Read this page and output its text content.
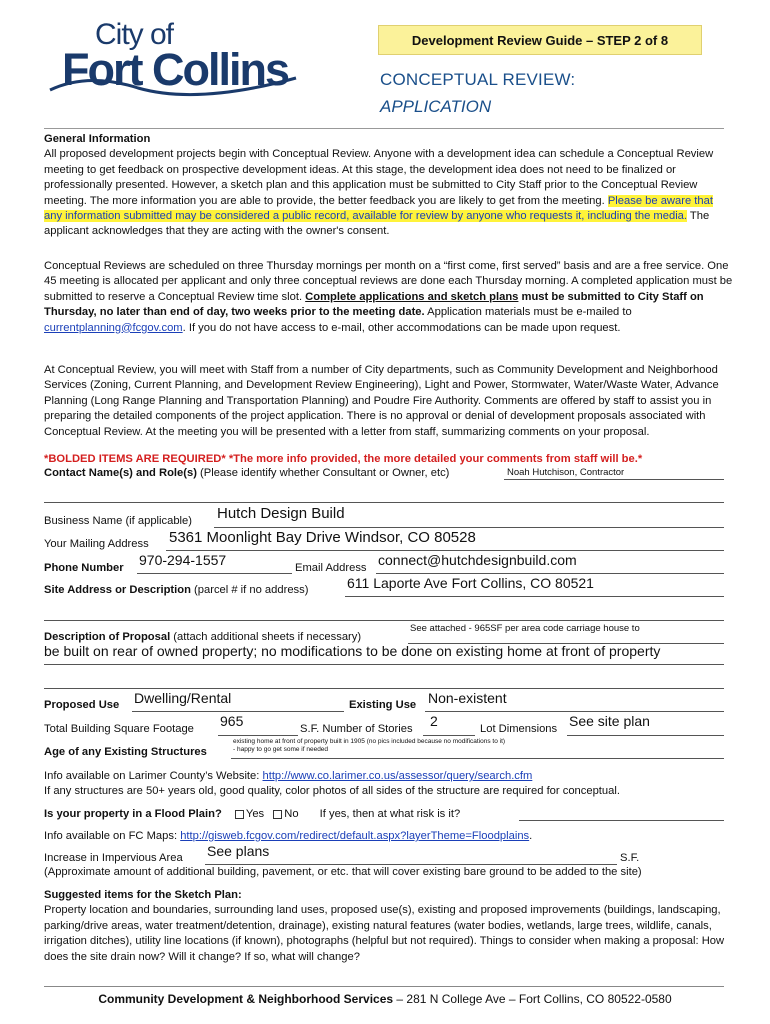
City of
Fort Collins
Development Review Guide – STEP 2 of 8
CONCEPTUAL REVIEW:
APPLICATION
General Information
All proposed development projects begin with Conceptual Review. Anyone with a development idea can schedule a Conceptual Review meeting to get feedback on prospective development ideas. At this stage, the development idea does not need to be finalized or professionally presented. However, a sketch plan and this application must be submitted to City Staff prior to the Conceptual Review meeting. The more information you are able to provide, the better feedback you are likely to get from the meeting. Please be aware that any information submitted may be considered a public record, available for review by anyone who requests it, including the media. The applicant acknowledges that they are acting with the owner's consent.
Conceptual Reviews are scheduled on three Thursday mornings per month on a “first come, first served” basis and are a free service. One 45 meeting is allocated per applicant and only three conceptual reviews are done each Thursday morning. A completed application must be submitted to reserve a Conceptual Review time slot. Complete applications and sketch plans must be submitted to City Staff on Thursday, no later than end of day, two weeks prior to the meeting date. Application materials must be e-mailed to currentplanning@fcgov.com. If you do not have access to e-mail, other accommodations can be made upon request.
At Conceptual Review, you will meet with Staff from a number of City departments, such as Community Development and Neighborhood Services (Zoning, Current Planning, and Development Review Engineering), Light and Power, Stormwater, Water/Waste Water, Advance Planning (Long Range Planning and Transportation Planning) and Poudre Fire Authority. Comments are offered by staff to assist you in preparing the detailed components of the project application. There is no approval or denial of development proposals associated with Conceptual Review. At the meeting you will be presented with a letter from staff, summarizing comments on your proposal.
*BOLDED ITEMS ARE REQUIRED* *The more info provided, the more detailed your comments from staff will be.*
Contact Name(s) and Role(s) (Please identify whether Consultant or Owner, etc)	Noah Hutchison, Contractor
Business Name (if applicable) Hutch Design Build
Your Mailing Address 5361 Moonlight Bay Drive Windsor, CO 80528
Phone Number 970-294-1557	Email Address connect@hutchdesignbuild.com
Site Address or Description (parcel # if no address)	611 Laporte Ave Fort Collins, CO 80521
Description of Proposal (attach additional sheets if necessary)
See attached - 965SF per area code carriage house to
be built on rear of owned property; no modifications to be done on existing home at front of property
Proposed Use Dwelling/Rental	Existing Use Non-existent
Total Building Square Footage 965	S.F. Number of Stories 2	Lot Dimensions See site plan
Age of any Existing Structures
existing home at front of property built in 1905 (no pics included because no modifications to it)
- happy to go get some if needed
Info available on Larimer County’s Website: http://www.co.larimer.co.us/assessor/query/search.cfm
If any structures are 50+ years old, good quality, color photos of all sides of the structure are required for conceptual.
Is your property in a Flood Plain? Yes No If yes, then at what risk is it?
Info available on FC Maps: http://gisweb.fcgov.com/redirect/default.aspx?layerTheme=Floodplains.
Increase in Impervious Area See plans	S.F.
(Approximate amount of additional building, pavement, or etc. that will cover existing bare ground to be added to the site)
Suggested items for the Sketch Plan:
Property location and boundaries, surrounding land uses, proposed use(s), existing and proposed improvements (buildings, landscaping, parking/drive areas, water treatment/detention, drainage), existing natural features (water bodies, wetlands, large trees, wildlife, canals, irrigation ditches), utility line locations (if known), photographs (helpful but not required). Things to consider when making a proposal: How does the site drain now? Will it change? If so, what will change?
Community Development & Neighborhood Services – 281 N College Ave – Fort Collins, CO 80522-0580
